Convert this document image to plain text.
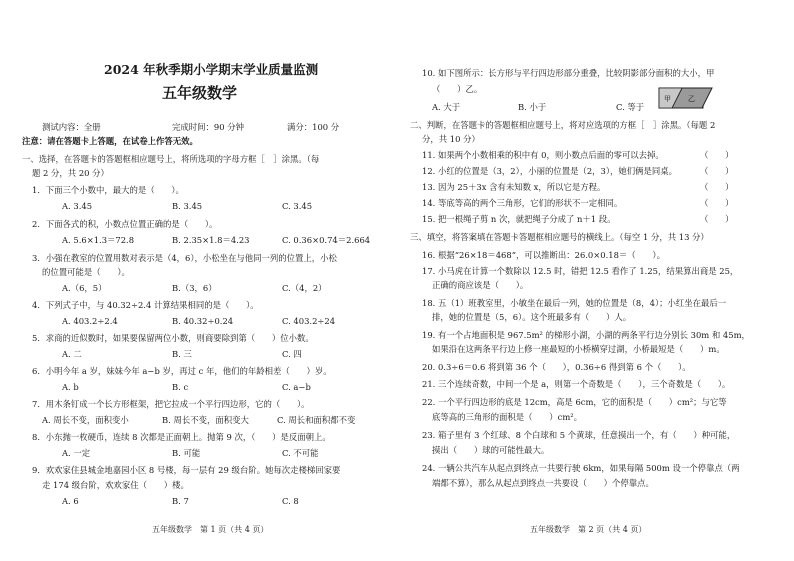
2024 年秋季期小学期末学业质量监测
五年级数学
测试内容：全册	完成时间：90 分钟	满分：100 分
注意：请在答题卡上答题，在试卷上作答无效。
一、选择，在答题卡的答题框相应题号上，将所选项的字母方框［　］涂黑。（每
题 2 分，共 20 分）
1．下面三个小数中，最大的是（　　）。
A. 3.45	B. 3.4̇5	C. 3.4̇5̇
2．下面各式的积，小数点位置正确的是（　　）。
A. 5.6×1.3＝72.8	B. 2.35×1.8＝4.23	C. 0.36×0.74＝2.664
3．小强在教室的位置用数对表示是（4，6），小松坐在与他同一列的位置上，小松
的位置可能是（　　）。
A.（6，5）	B.（3，6）	C.（4，2）
4．下列式子中，与 40.32÷2.4 计算结果相同的是（　　）。
A. 403.2÷2.4	B. 40.32÷0.24	C. 403.2÷24
5．求商的近似数时，如果要保留两位小数，则商要除到第（　　）位小数。
A. 二	B. 三	C. 四
6．小明今年 a 岁，妹妹今年 a−b 岁，再过 c 年，他们的年龄相差（　　）岁。
A. b	B. c	C. a−b
7．用木条钉成一个长方形框架，把它拉成一个平行四边形，它的（　　）。
A. 周长不变，面积变小	B. 周长不变，面积变大	C. 周长和面积都不变
8．小东抛一枚硬币，连续 8 次都是正面朝上。抛第 9 次，（　　）是反面朝上。
A. 一定	B. 可能	C. 不可能
9．欢欢家住县城金地嘉园小区 8 号楼，每一层有 29 级台阶。她每次走楼梯回家要
走 174 级台阶，欢欢家住（　　）楼。
A. 6	B. 7	C. 8
五年级数学　第 1 页（共 4 页）
10. 如下图所示：长方形与平行四边形部分重叠，比较阴影部分面积的大小，甲
（　　）乙。
A. 大于	B. 小于	C. 等于
甲 乙
二、判断，在答题卡的答题框相应题号上，将对应选项的方框［　］涂黑。（每题 2
分，共 10 分）
11. 如果两个小数相乘的积中有 0，则小数点后面的零可以去掉。	（　　）
12. 小红的位置是（3，2），小丽的位置是（2，3），她们俩是同桌。	（　　）
13. 因为 25＋3x 含有未知数 x，所以它是方程。	（　　）
14. 等底等高的两个三角形，它们的形状不一定相同。	（　　）
15. 把一根绳子剪 n 次，就把绳子分成了 n＋1 段。	（　　）
三、填空，将答案填在答题卡答题框相应题号的横线上。（每空 1 分，共 13 分）
16. 根据“26×18＝468”，可以推断出：26.0×0.18＝（　　）。
17. 小马虎在计算一个数除以 12.5 时，错把 12.5 看作了 1.25，结果算出商是 25，
正确的商应该是（　　）。
18. 五（1）班教室里，小敏坐在最后一列，她的位置是（8，4）；小红坐在最后一
排，她的位置是（5，6）。这个班最多有（　　）人。
19. 有一个占地面积是 967.5m² 的梯形小湖，小湖的两条平行边分别长 30m 和 45m，
如果沿在这两条平行边上修一座最短的小桥横穿过湖，小桥最短是（　　）m。
20. 0.3÷6＝0.6 将到第 36 个（　　），0.36÷6 得到第 6 个（　　）。
21. 三个连续奇数，中间一个是 a，则第一个奇数是（　　），三个奇数是（　　）。
22. 一个平行四边形的底是 12cm，高是 6cm，它的面积是（　　）cm²；与它等
底等高的三角形的面积是（　　）cm²。
23. 箱子里有 3 个红球、8 个白球和 5 个黄球，任意摸出一个，有（　　）种可能，
摸出（　　）球的可能性最大。
24. 一辆公共汽车从起点到终点一共要行驶 6km，如果每隔 500m 设一个停靠点（两
端都不算），那么从起点到终点一共要设（　　）个停靠点。
五年级数学　第 2 页（共 4 页）
